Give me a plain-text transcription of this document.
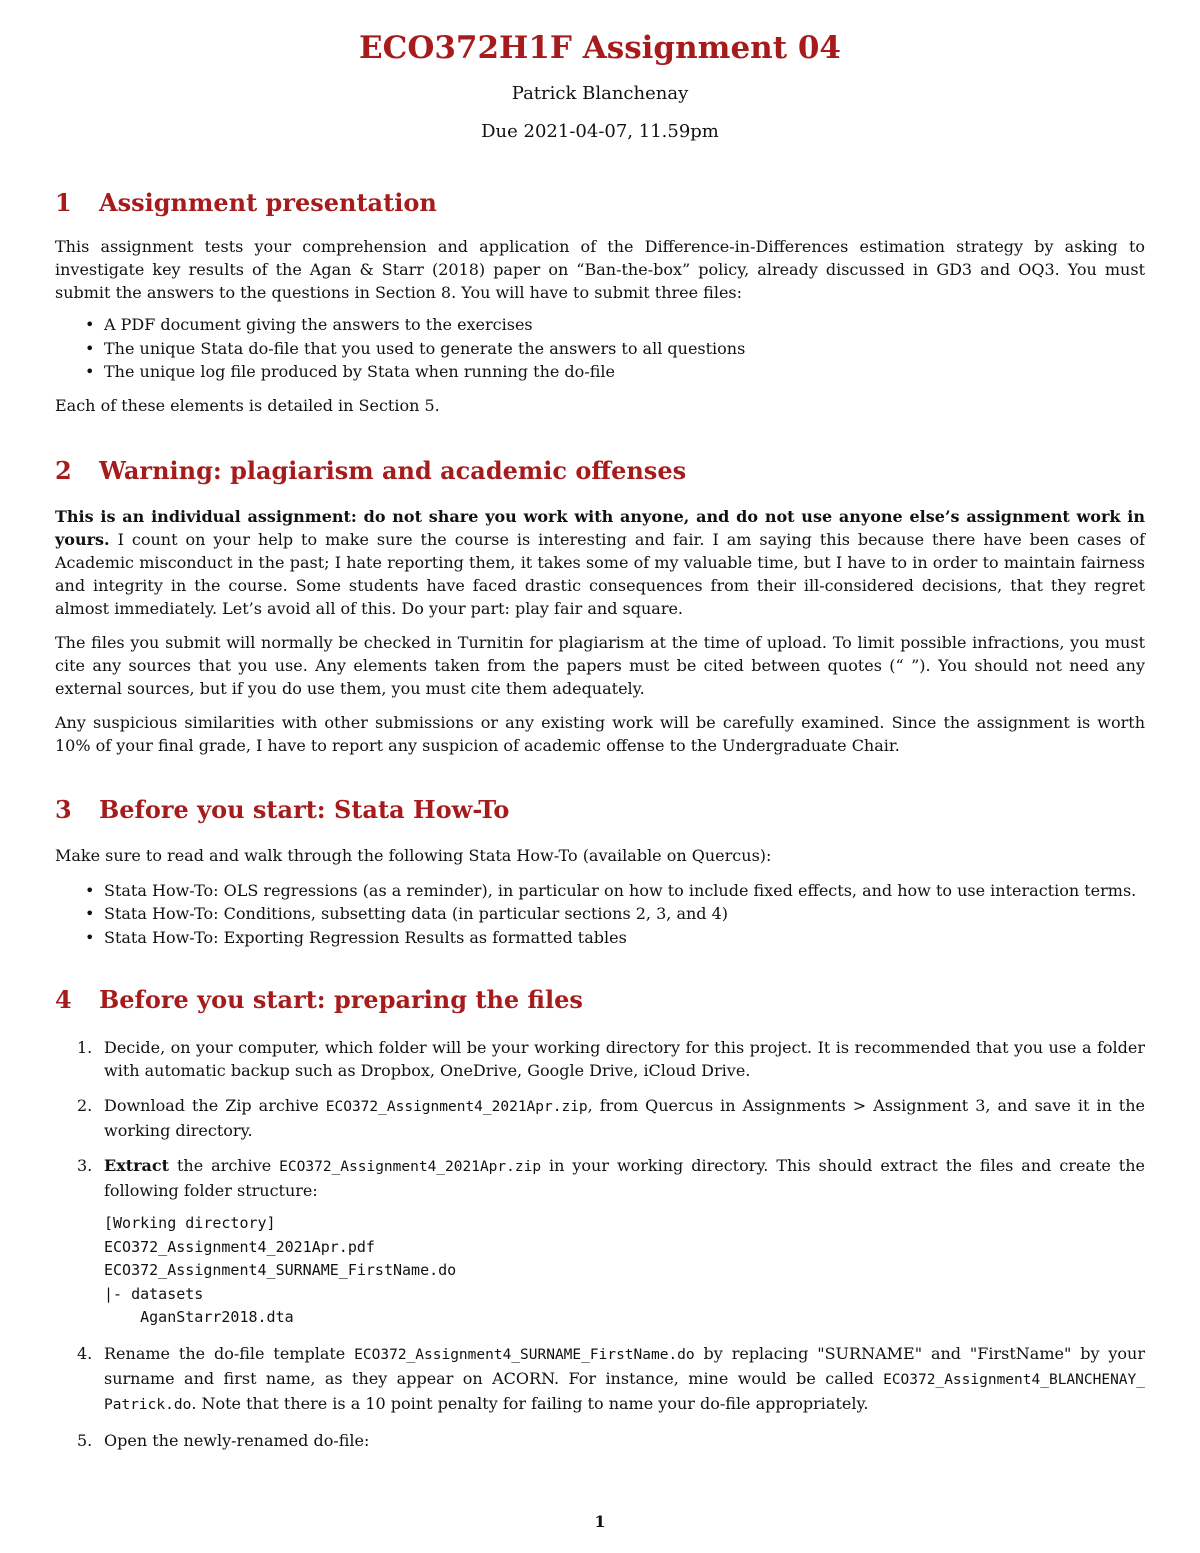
ECO372H1F Assignment 04
Patrick Blanchenay
Due 2021-04-07, 11.59pm
1	Assignment presentation

This assignment tests your comprehension and application of the Difference-in-Differences estimation strategy by asking to investigate key results of the Agan & Starr (2018) paper on “Ban-the-box” policy, already discussed in GD3 and OQ3. You must submit the answers to the questions in Section 8. You will have to submit three files:

• A PDF document giving the answers to the exercises
• The unique Stata do-file that you used to generate the answers to all questions
• The unique log file produced by Stata when running the do-file

Each of these elements is detailed in Section 5.

2	Warning: plagiarism and academic offenses

This is an individual assignment: do not share you work with anyone, and do not use anyone else’s assignment work in yours. I count on your help to make sure the course is interesting and fair. I am saying this because there have been cases of Academic misconduct in the past; I hate reporting them, it takes some of my valuable time, but I have to in order to maintain fairness and integrity in the course. Some students have faced drastic consequences from their ill-considered decisions, that they regret almost immediately. Let’s avoid all of this. Do your part: play fair and square.

The files you submit will normally be checked in Turnitin for plagiarism at the time of upload. To limit possible infractions, you must cite any sources that you use. Any elements taken from the papers must be cited between quotes (“ ”). You should not need any external sources, but if you do use them, you must cite them adequately.

Any suspicious similarities with other submissions or any existing work will be carefully examined. Since the assignment is worth 10% of your final grade, I have to report any suspicion of academic offense to the Undergraduate Chair.

3	Before you start: Stata How-To

Make sure to read and walk through the following Stata How-To (available on Quercus):

• Stata How-To: OLS regressions (as a reminder), in particular on how to include fixed effects, and how to use interaction terms.
• Stata How-To: Conditions, subsetting data (in particular sections 2, 3, and 4)
• Stata How-To: Exporting Regression Results as formatted tables
4	Before you start: preparing the files
1. Decide, on your computer, which folder will be your working directory for this project. It is recommended that you use a folder with automatic backup such as Dropbox, OneDrive, Google Drive, iCloud Drive.
2. Download the Zip archive ECO372_Assignment4_2021Apr.zip, from Quercus in Assignments > Assignment 3, and save it in the working directory.
3. Extract the archive ECO372_Assignment4_2021Apr.zip in your working directory. This should extract the files and create the following folder structure:
[Working directory]
ECO372_Assignment4_2021Apr.pdf
ECO372_Assignment4_SURNAME_FirstName.do
|- datasets
AganStarr2018.dta
4. Rename the do-file template ECO372_Assignment4_SURNAME_FirstName.do by replacing "SURNAME" and "FirstName" by your surname and first name, as they appear on ACORN. For instance, mine would be called ECO372_Assignment4_BLANCHENAY_ Patrick.do. Note that there is a 10 point penalty for failing to name your do-file appropriately.
5. Open the newly-renamed do-file:
1
